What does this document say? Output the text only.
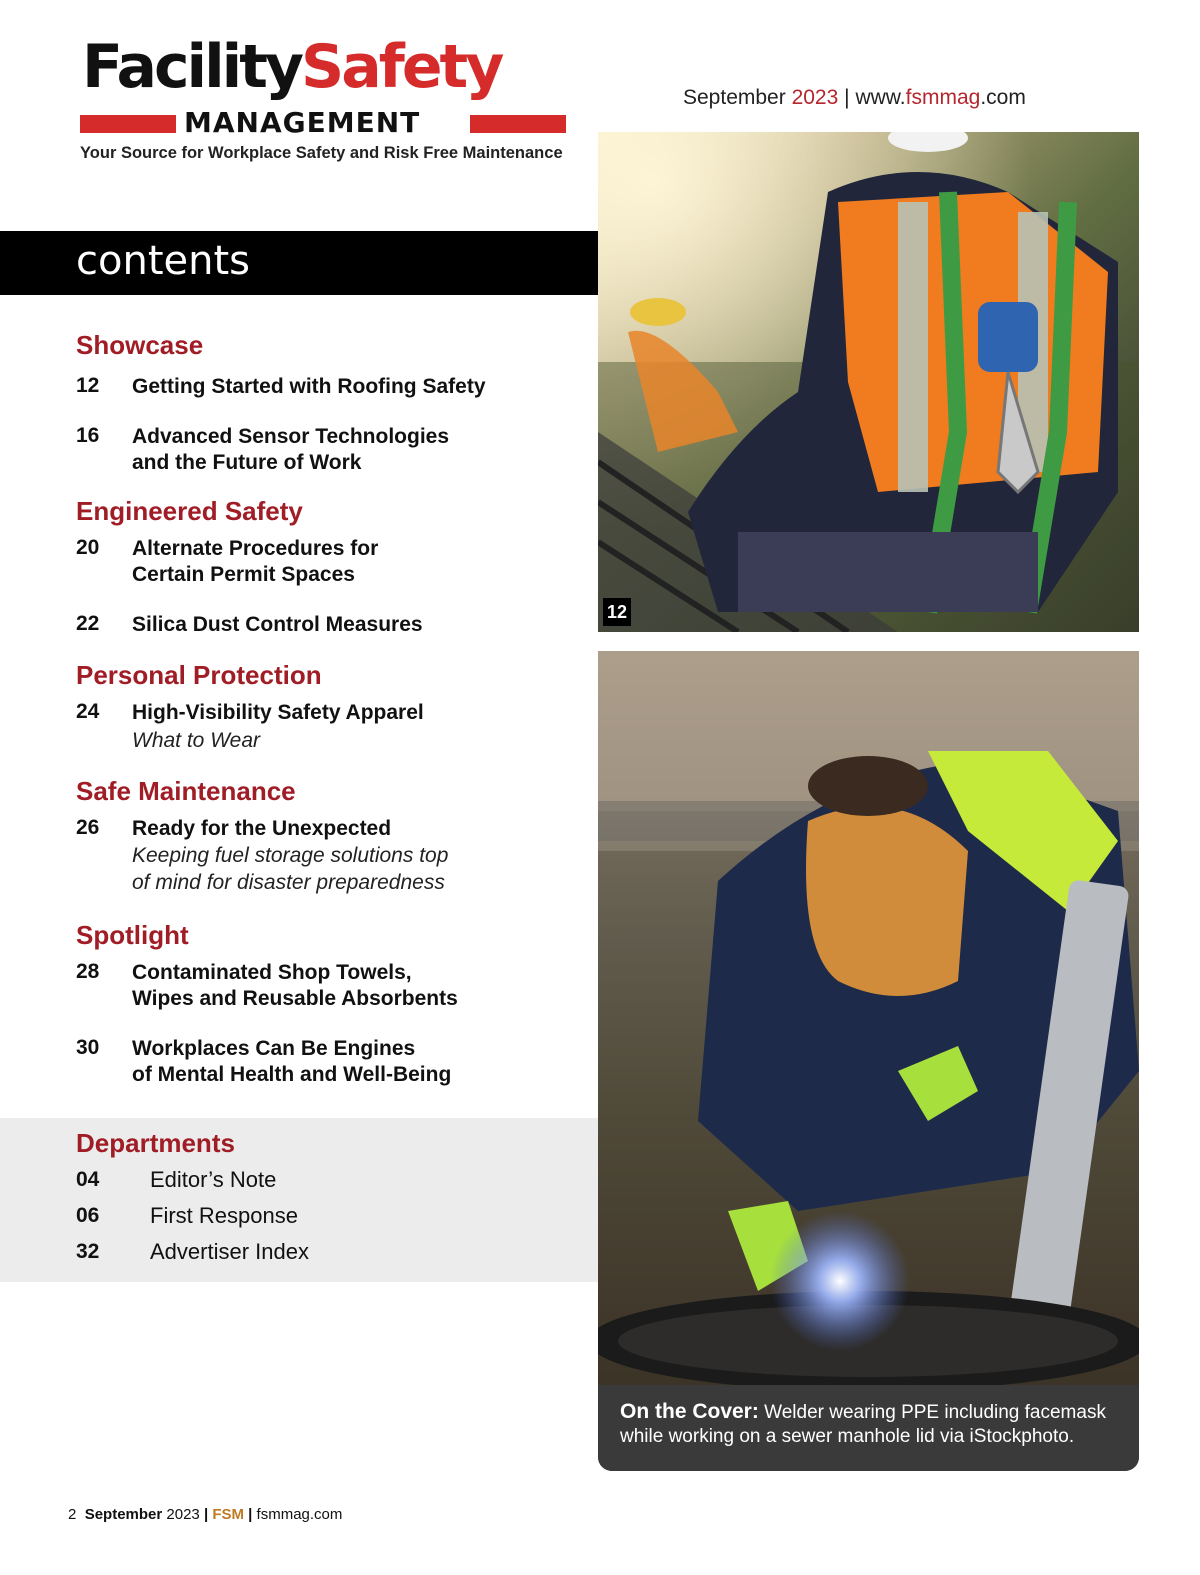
FacilitySafety
MANAGEMENT
Your Source for Workplace Safety and Risk Free Maintenance
September 2023 | www.fsmmag.com
contents
Showcase
12 Getting Started with Roofing Safety
16 Advanced Sensor Technologies
and the Future of Work
Engineered Safety
20 Alternate Procedures for
Certain Permit Spaces
22 Silica Dust Control Measures
Personal Protection
24 High-Visibility Safety Apparel
What to Wear
Safe Maintenance
26 Ready for the Unexpected
Keeping fuel storage solutions top
of mind for disaster preparedness
Spotlight
28 Contaminated Shop Towels,
Wipes and Reusable Absorbents
30 Workplaces Can Be Engines
of Mental Health and Well-Being
Departments
04 Editor’s Note
06 First Response
32 Advertiser Index
12
On the Cover: Welder wearing PPE including facemask while working on a sewer manhole lid via iStockphoto.
2 September 2023 | FSM | fsmmag.com
